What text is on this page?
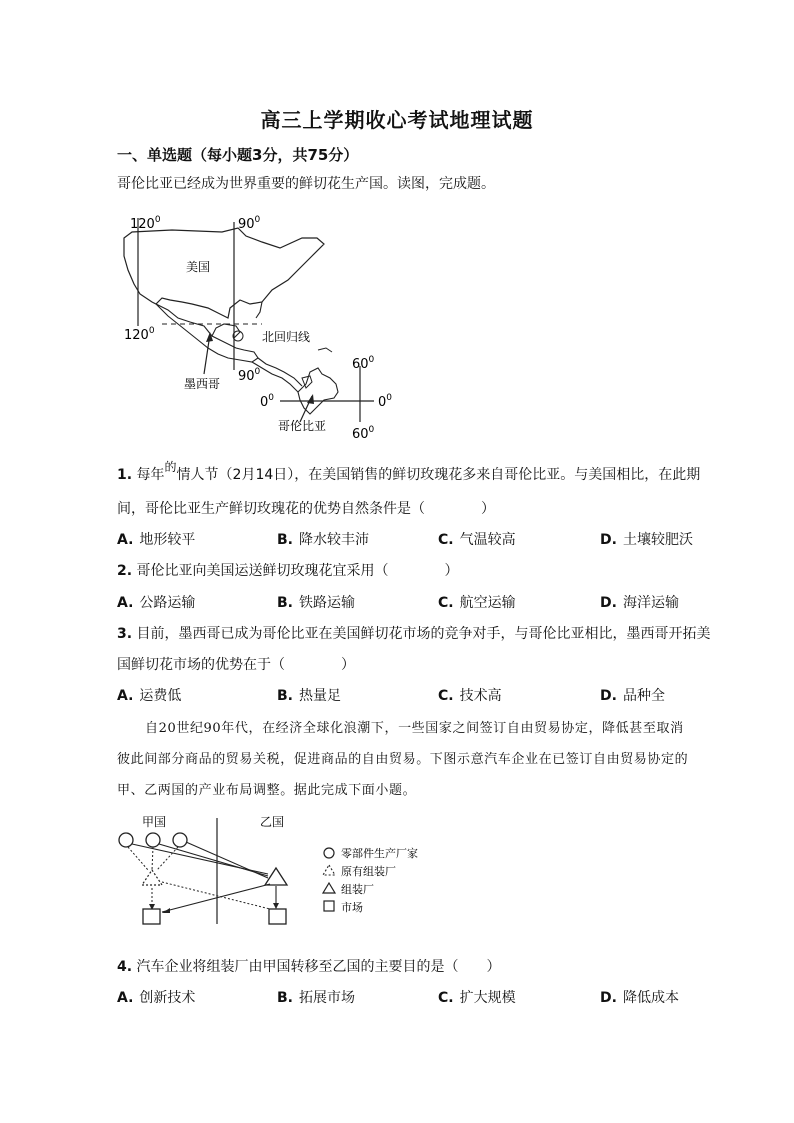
高三上学期收心考试地理试题
一、单选题（每小题3分，共75分）
哥伦比亚已经成为世界重要的鲜切花生产国。读图，完成题。
$120^0$	$90^0$
美国
$120^0$	北回归线
$90^0$
墨西哥
$60^0$
$0^0$	$0^0$
哥伦比亚
$60^0$
1. 每年的情人节（2月14日），在美国销售的鲜切玫瑰花多来自哥伦比亚。与美国相比，在此期
间，哥伦比亚生产鲜切玫瑰花的优势自然条件是（　　　　）
A. 地形较平	B. 降水较丰沛	C. 气温较高	D. 土壤较肥沃
2. 哥伦比亚向美国运送鲜切玫瑰花宜采用（　　　　）
A. 公路运输	B. 铁路运输	C. 航空运输	D. 海洋运输
3. 目前，墨西哥已成为哥伦比亚在美国鲜切花市场的竞争对手，与哥伦比亚相比，墨西哥开拓美
国鲜切花市场的优势在于（　　　　）
A. 运费低	B. 热量足	C. 技术高	D. 品种全
自20世纪90年代，在经济全球化浪潮下，一些国家之间签订自由贸易协定，降低甚至取消
彼此间部分商品的贸易关税，促进商品的自由贸易。下图示意汽车企业在已签订自由贸易协定的
甲、乙两国的产业布局调整。据此完成下面小题。
甲国	乙国
零部件生产厂家
原有组装厂
组装厂
市场
4. 汽车企业将组装厂由甲国转移至乙国的主要目的是（　　）
A. 创新技术	B. 拓展市场	C. 扩大规模	D. 降低成本
